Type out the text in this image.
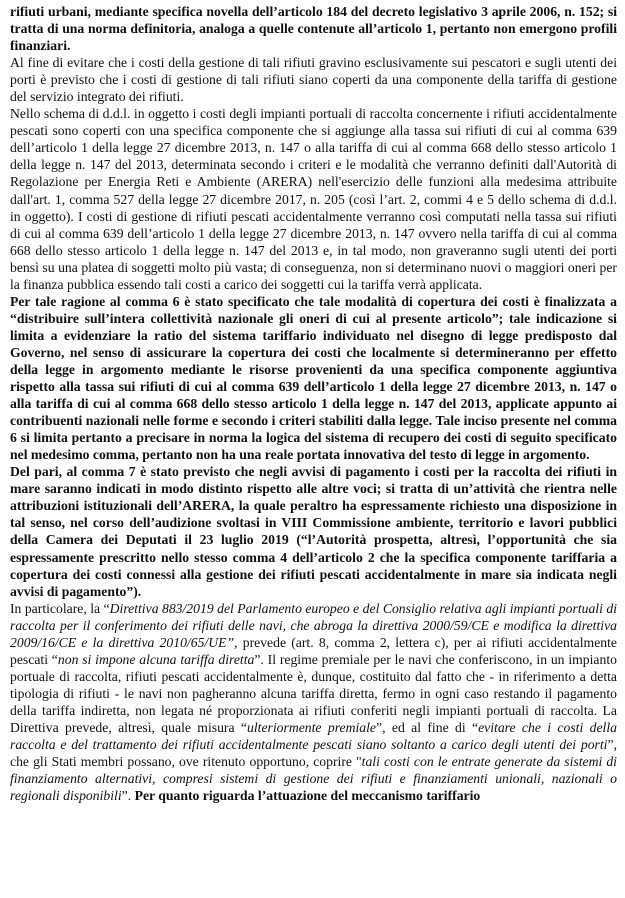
rifiuti urbani, mediante specifica novella dell’articolo 184 del decreto legislativo 3 aprile 2006, n. 152; si tratta di una norma definitoria, analoga a quelle contenute all’articolo 1, pertanto non emergono profili finanziari.

Al fine di evitare che i costi della gestione di tali rifiuti gravino esclusivamente sui pescatori e sugli utenti dei porti è previsto che i costi di gestione di tali rifiuti siano coperti da una componente della tariffa di gestione del servizio integrato dei rifiuti.

Nello schema di d.d.l. in oggetto i costi degli impianti portuali di raccolta concernente i rifiuti accidentalmente pescati sono coperti con una specifica componente che si aggiunge alla tassa sui rifiuti di cui al comma 639 dell’articolo 1 della legge 27 dicembre 2013, n. 147 o alla tariffa di cui al comma 668 dello stesso articolo 1 della legge n. 147 del 2013, determinata secondo i criteri e le modalità che verranno definiti dall'Autorità di Regolazione per Energia Reti e Ambiente (ARERA) nell'esercizio delle funzioni alla medesima attribuite dall'art. 1, comma 527 della legge 27 dicembre 2017, n. 205 (così l’art. 2, commi 4 e 5 dello schema di d.d.l. in oggetto). I costi di gestione di rifiuti pescati accidentalmente verranno così computati nella tassa sui rifiuti di cui al comma 639 dell’articolo 1 della legge 27 dicembre 2013, n. 147 ovvero nella tariffa di cui al comma 668 dello stesso articolo 1 della legge n. 147 del 2013 e, in tal modo, non graveranno sugli utenti dei porti bensì su una platea di soggetti molto più vasta; di conseguenza, non si determinano nuovi o maggiori oneri per la finanza pubblica essendo tali costi a carico dei soggetti cui la tariffa verrà applicata.

Per tale ragione al comma 6 è stato specificato che tale modalità di copertura dei costi è finalizzata a “distribuire sull’intera collettività nazionale gli oneri di cui al presente articolo”; tale indicazione si limita a evidenziare la ratio del sistema tariffario individuato nel disegno di legge predisposto dal Governo, nel senso di assicurare la copertura dei costi che localmente si determineranno per effetto della legge in argomento mediante le risorse provenienti da una specifica componente aggiuntiva rispetto alla tassa sui rifiuti di cui al comma 639 dell’articolo 1 della legge 27 dicembre 2013, n. 147 o alla tariffa di cui al comma 668 dello stesso articolo 1 della legge n. 147 del 2013, applicate appunto ai contribuenti nazionali nelle forme e secondo i criteri stabiliti dalla legge. Tale inciso presente nel comma 6 si limita pertanto a precisare in norma la logica del sistema di recupero dei costi di seguito specificato nel medesimo comma, pertanto non ha una reale portata innovativa del testo di legge in argomento.

Del pari, al comma 7 è stato previsto che negli avvisi di pagamento i costi per la raccolta dei rifiuti in mare saranno indicati in modo distinto rispetto alle altre voci; si tratta di un’attività che rientra nelle attribuzioni istituzionali dell’ARERA, la quale peraltro ha espressamente richiesto una disposizione in tal senso, nel corso dell’audizione svoltasi in VIII Commissione ambiente, territorio e lavori pubblici della Camera dei Deputati il 23 luglio 2019 (“l’Autorità prospetta, altresì, l’opportunità che sia espressamente prescritto nello stesso comma 4 dell’articolo 2 che la specifica componente tariffaria a copertura dei costi connessi alla gestione dei rifiuti pescati accidentalmente in mare sia indicata negli avvisi di pagamento”).

In particolare, la “Direttiva 883/2019 del Parlamento europeo e del Consiglio relativa agli impianti portuali di raccolta per il conferimento dei rifiuti delle navi, che abroga la direttiva 2000/59/CE e modifica la direttiva 2009/16/CE e la direttiva 2010/65/UE”, prevede (art. 8, comma 2, lettera c), per ai rifiuti accidentalmente pescati “non si impone alcuna tariffa diretta”. Il regime premiale per le navi che conferiscono, in un impianto portuale di raccolta, rifiuti pescati accidentalmente è, dunque, costituito dal fatto che - in riferimento a detta tipologia di rifiuti - le navi non pagheranno alcuna tariffa diretta, fermo in ogni caso restando il pagamento della tariffa indiretta, non legata né proporzionata ai rifiuti conferiti negli impianti portuali di raccolta. La Direttiva prevede, altresì, quale misura “ulteriormente premiale”, ed al fine di “evitare che i costi della raccolta e del trattamento dei rifiuti accidentalmente pescati siano soltanto a carico degli utenti dei porti”, che gli Stati membri possano, ove ritenuto opportuno, coprire "tali costi con le entrate generate da sistemi di finanziamento alternativi, compresi sistemi di gestione dei rifiuti e finanziamenti unionali, nazionali o regionali disponibili”. Per quanto riguarda l’attuazione del meccanismo tariffario
